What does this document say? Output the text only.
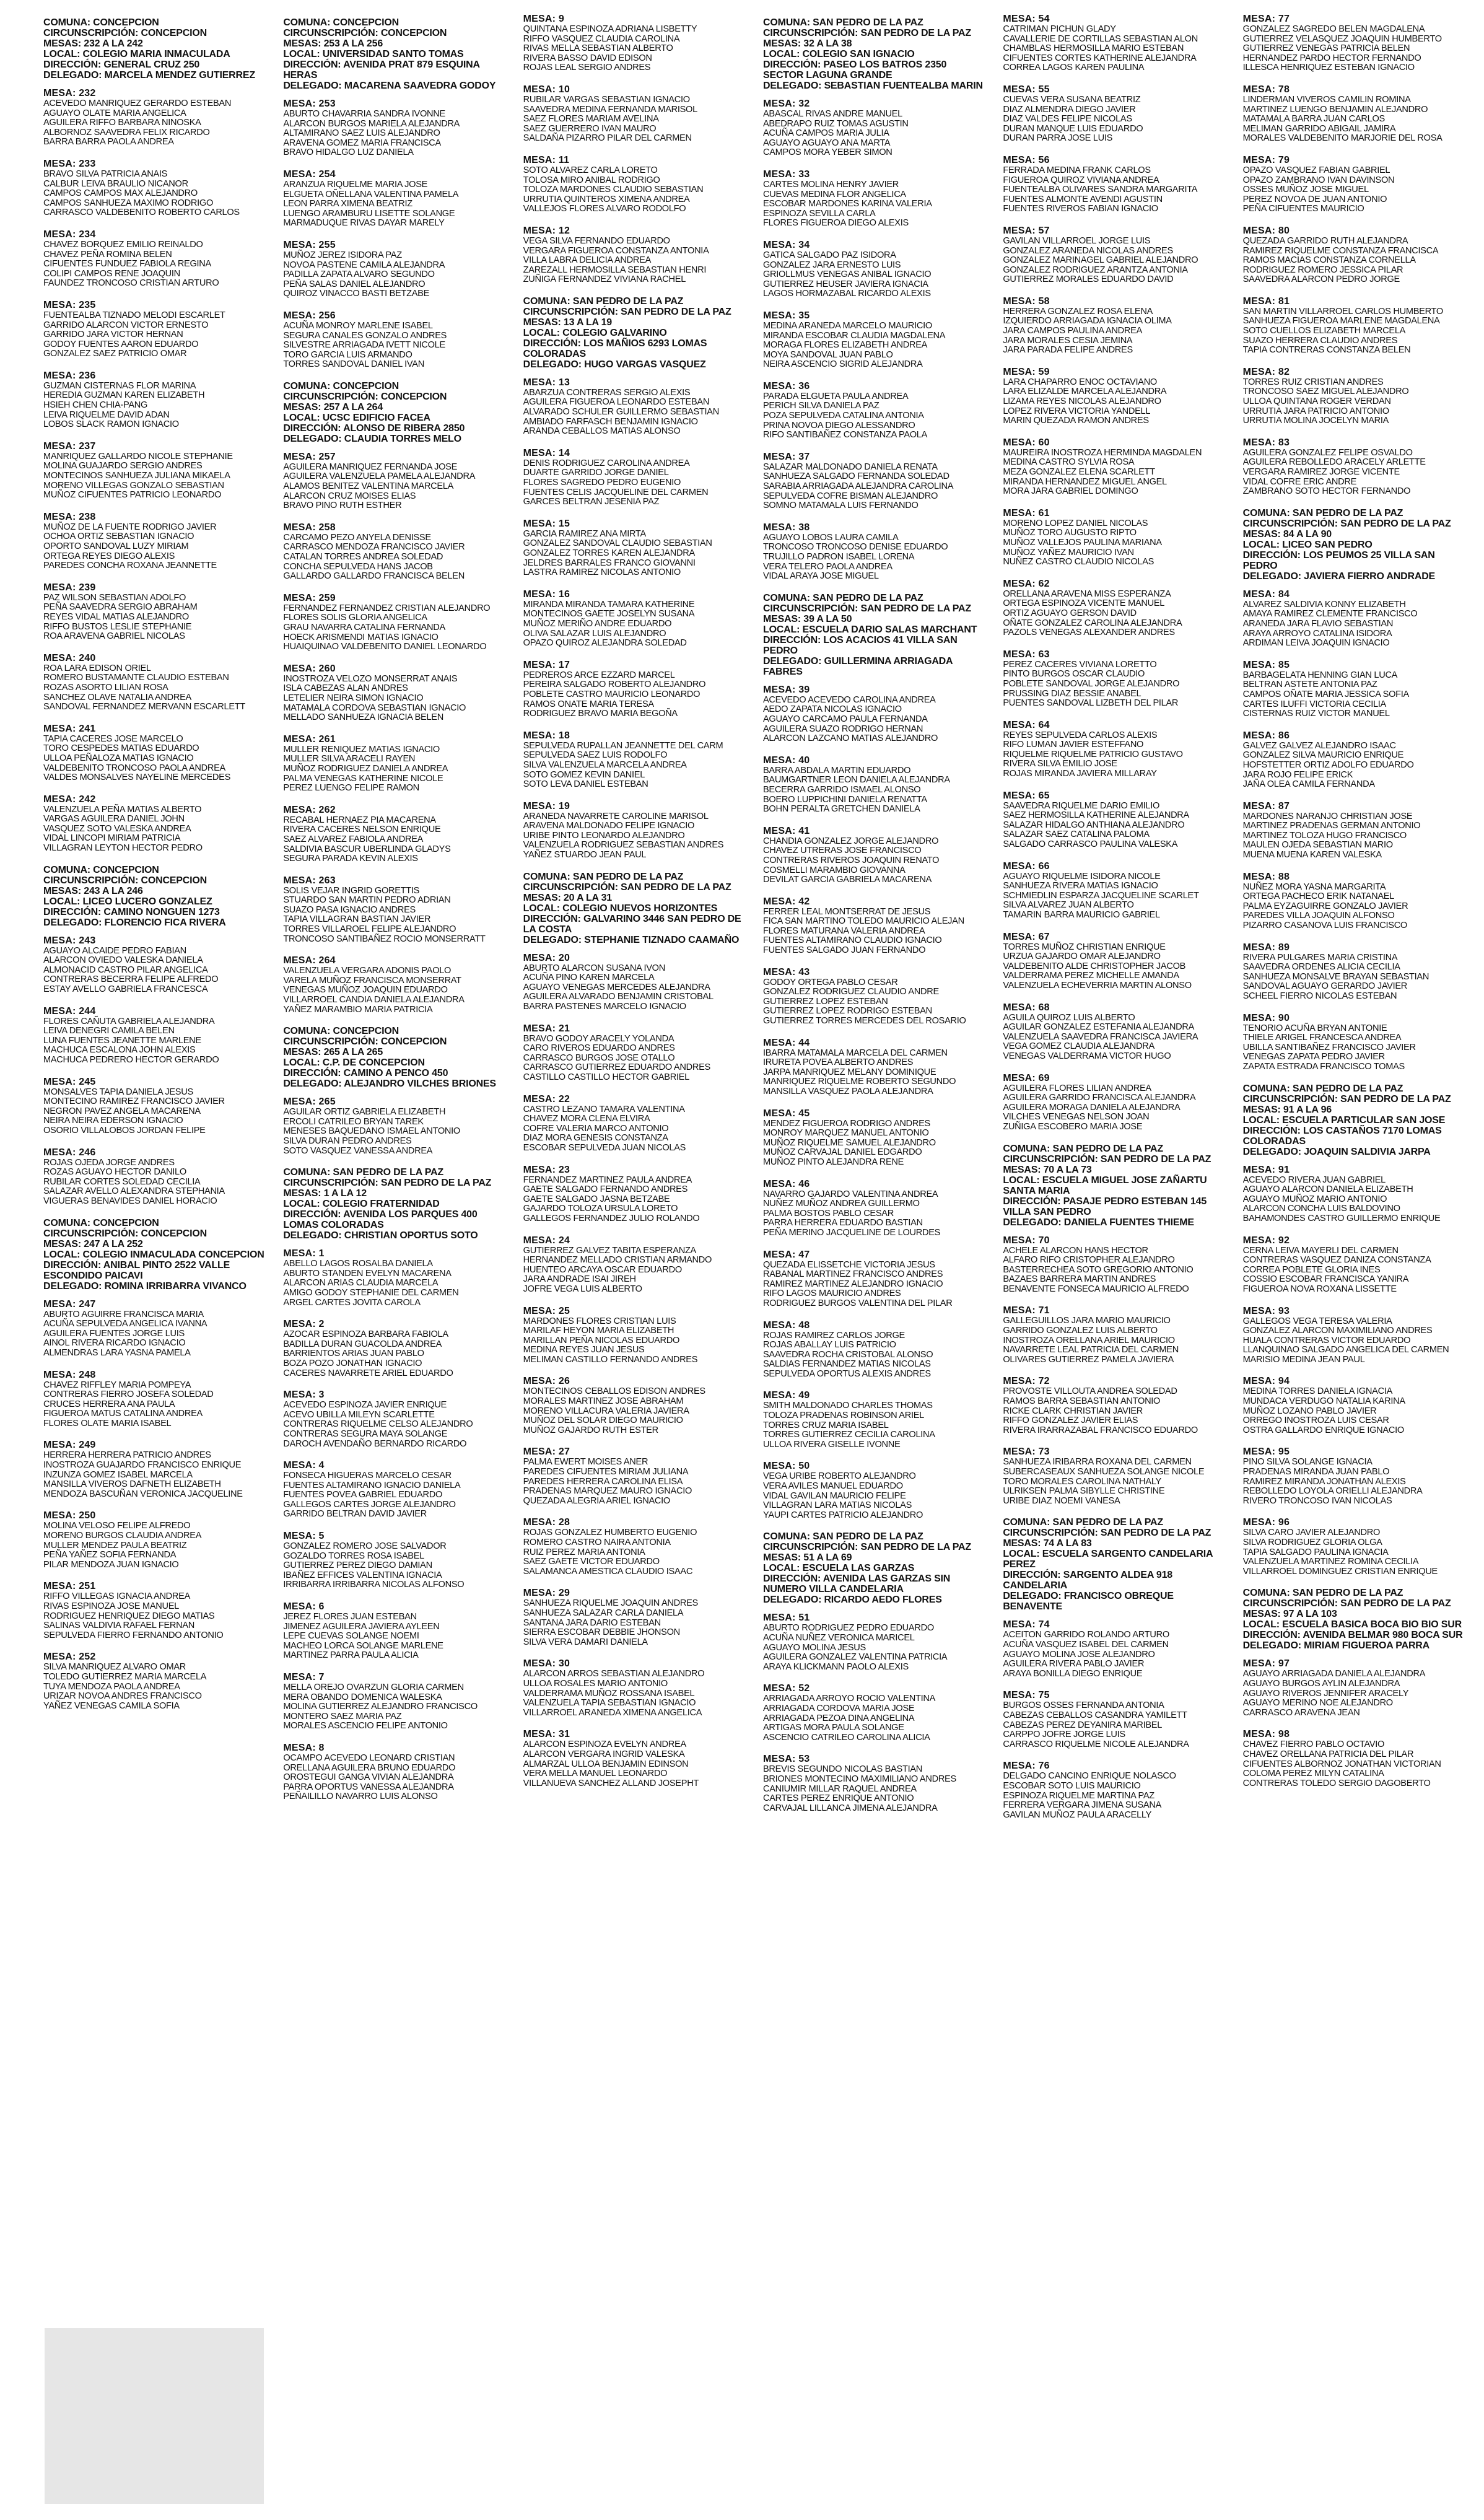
COMUNA: CONCEPCION
CIRCUNSCRIPCIÓN: CONCEPCION
MESAS: 232 A LA 242
LOCAL: COLEGIO MARIA INMACULADA
DIRECCIÓN: GENERAL CRUZ 250
DELEGADO: MARCELA MENDEZ GUTIERREZ
MESA: 232
ACEVEDO MANRIQUEZ GERARDO ESTEBAN
AGUAYO OLATE MARIA ANGELICA
AGUILERA RIFFO BARBARA NINOSKA
ALBORNOZ SAAVEDRA FELIX RICARDO
BARRA BARRA PAOLA ANDREA
MESA: 233
BRAVO SILVA PATRICIA ANAIS
CALBUR LEIVA BRAULIO NICANOR
CAMPOS CAMPOS MAX ALEJANDRO
CAMPOS SANHUEZA MAXIMO RODRIGO
CARRASCO VALDEBENITO ROBERTO CARLOS
MESA: 234
CHAVEZ BORQUEZ EMILIO REINALDO
CHAVEZ PEÑA ROMINA BELEN
CIFUENTES FUNDUEZ FABIOLA REGINA
COLIPI CAMPOS RENE JOAQUIN
FAUNDEZ TRONCOSO CRISTIAN ARTURO
MESA: 235
FUENTEALBA TIZNADO MELODI ESCARLET
GARRIDO ALARCON VICTOR ERNESTO
GARRIDO JARA VICTOR HERNAN
GODOY FUENTES AARON EDUARDO
GONZALEZ SAEZ PATRICIO OMAR
MESA: 236
GUZMAN CISTERNAS FLOR MARINA
HEREDIA GUZMAN KAREN ELIZABETH
HSIEH CHEN CHIA-PANG
LEIVA RIQUELME DAVID ADAN
LOBOS SLACK RAMON IGNACIO
MESA: 237
MANRIQUEZ GALLARDO NICOLE STEPHANIE
MOLINA GUAJARDO SERGIO ANDRES
MONTECINOS SANHUEZA JULIANA MIKAELA
MORENO VILLEGAS GONZALO SEBASTIAN
MUÑOZ CIFUENTES PATRICIO LEONARDO
MESA: 238
MUÑOZ DE LA FUENTE RODRIGO JAVIER
OCHOA ORTIZ SEBASTIAN IGNACIO
OPORTO SANDOVAL LUZY MIRIAM
ORTEGA REYES DIEGO ALEXIS
PAREDES CONCHA ROXANA JEANNETTE
MESA: 239
PAZ WILSON SEBASTIAN ADOLFO
PEÑA SAAVEDRA SERGIO ABRAHAM
REYES VIDAL MATIAS ALEJANDRO
RIFFO BUSTOS LESLIE STEPHANIE
ROA ARAVENA GABRIEL NICOLAS
MESA: 240
ROA LARA EDISON ORIEL
ROMERO BUSTAMANTE CLAUDIO ESTEBAN
ROZAS ASORTO LILIAN ROSA
SANCHEZ OLAVE NATALIA ANDREA
SANDOVAL FERNANDEZ MERVANN ESCARLETT
MESA: 241
TAPIA CACERES JOSE MARCELO
TORO CESPEDES MATIAS EDUARDO
ULLOA PEÑALOZA MATIAS IGNACIO
VALDEBENITO TRONCOSO PAOLA ANDREA
VALDES MONSALVES NAYELINE MERCEDES
MESA: 242
VALENZUELA PEÑA MATIAS ALBERTO
VARGAS AGUILERA DANIEL JOHN
VASQUEZ SOTO VALESKA ANDREA
VIDAL LINCOPI MIRIAM PATRICIA
VILLAGRAN LEYTON HECTOR PEDRO
COMUNA: CONCEPCION
CIRCUNSCRIPCIÓN: CONCEPCION
MESAS: 243 A LA 246
LOCAL: LICEO LUCERO GONZALEZ
DIRECCIÓN: CAMINO NONGUEN 1273
DELEGADO: FLORENCIO FICA RIVERA
MESA: 243
AGUAYO ALCAIDE PEDRO FABIAN
ALARCON OVIEDO VALESKA DANIELA
ALMONACID CASTRO PILAR ANGELICA
CONTRERAS BECERRA FELIPE ALFREDO
ESTAY AVELLO GABRIELA FRANCESCA
MESA: 244
FLORES CAÑUTA GABRIELA ALEJANDRA
LEIVA DENEGRI CAMILA BELEN
LUNA FUENTES JEANETTE MARLENE
MACHUCA ESCALONA JOHN ALEXIS
MACHUCA PEDRERO HECTOR GERARDO
MESA: 245
MONSALVES TAPIA DANIELA JESUS
MONTECINO RAMIREZ FRANCISCO JAVIER
NEGRON PAVEZ ANGELA MACARENA
NEIRA NEIRA EDERSON IGNACIO
OSORIO VILLALOBOS JORDAN FELIPE
MESA: 246
ROJAS OJEDA JORGE ANDRES
ROZAS AGUAYO HECTOR DANILO
RUBILAR CORTES SOLEDAD CECILIA
SALAZAR AVELLO ALEXANDRA STEPHANIA
VIGUERAS BENAVIDES DANIEL HORACIO
COMUNA: CONCEPCION
CIRCUNSCRIPCIÓN: CONCEPCION
MESAS: 247 A LA 252
LOCAL: COLEGIO INMACULADA CONCEPCION
DIRECCIÓN: ANIBAL PINTO 2522 VALLE ESCONDIDO PAICAVI
DELEGADO: ROMINA IRRIBARRA VIVANCO
MESA: 247
ABURTO AGUIRRE FRANCISCA MARIA
ACUÑA SEPULVEDA ANGELICA IVANNA
AGUILERA FUENTES JORGE LUIS
AINOL RIVERA RICARDO IGNACIO
ALMENDRAS LARA YASNA PAMELA
MESA: 248
CHAVEZ RIFFLEY MARIA POMPEYA
CONTRERAS FIERRO JOSEFA SOLEDAD
CRUCES HERRERA ANA PAULA
FIGUEROA MATUS CATALINA ANDREA
FLORES OLATE MARIA ISABEL
MESA: 249
HERRERA HERRERA PATRICIO ANDRES
INOSTROZA GUAJARDO FRANCISCO ENRIQUE
INZUNZA GOMEZ ISABEL MARCELA
MANSILLA VIVEROS DAFNETH ELIZABETH
MENDOZA BASCUÑAN VERONICA JACQUELINE
MESA: 250
MOLINA VELOSO FELIPE ALFREDO
MORENO BURGOS CLAUDIA ANDREA
MULLER MENDEZ PAULA BEATRIZ
PEÑA YAÑEZ SOFIA FERNANDA
PILAR MENDOZA JUAN IGNACIO
MESA: 251
RIFFO VILLEGAS IGNACIA ANDREA
RIVAS ESPINOZA JOSE MANUEL
RODRIGUEZ HENRIQUEZ DIEGO MATIAS
SALINAS VALDIVIA RAFAEL FERNAN
SEPULVEDA FIERRO FERNANDO ANTONIO
MESA: 252
SILVA MANRIQUEZ ALVARO OMAR
TOLEDO GUTIERREZ MARIA MARCELA
TUYA MENDOZA PAOLA ANDREA
URIZAR NOVOA ANDRES FRANCISCO
YAÑEZ VENEGAS CAMILA SOFIA
COMUNA: CONCEPCION
CIRCUNSCRIPCIÓN: CONCEPCION
MESAS: 253 A LA 256
LOCAL: UNIVERSIDAD SANTO TOMAS
DIRECCIÓN: AVENIDA PRAT 879 ESQUINA HERAS
DELEGADO: MACARENA SAAVEDRA GODOY
MESA: 253
ABURTO CHAVARRIA SANDRA IVONNE
ALARCON BURGOS MARIELA ALEJANDRA
ALTAMIRANO SAEZ LUIS ALEJANDRO
ARAVENA GOMEZ MARIA FRANCISCA
BRAVO HIDALGO LUZ DANIELA
MESA: 254
ARANZUA RIQUELME MARIA JOSE
ELGUETA OÑELLANA VALENTINA PAMELA
LEON PARRA XIMENA BEATRIZ
LUENGO ARAMBURU LISETTE SOLANGE
MARMADUQUE RIVAS DAYAR MARELY
MESA: 255
MUÑOZ JEREZ ISIDORA PAZ
NOVOA PASTENE CAMILA ALEJANDRA
PADILLA ZAPATA ALVARO SEGUNDO
PEÑA SALAS DANIEL ALEJANDRO
QUIROZ VINACCO BASTI BETZABE
MESA: 256
ACUÑA MONROY MARLENE ISABEL
SEGURA CANALES GONZALO ANDRES
SILVESTRE ARRIAGADA IVETT NICOLE
TORO GARCIA LUIS ARMANDO
TORRES SANDOVAL DANIEL IVAN
COMUNA: CONCEPCION
CIRCUNSCRIPCIÓN: CONCEPCION
MESAS: 257 A LA 264
LOCAL: UCSC EDIFICIO FACEA
DIRECCIÓN: ALONSO DE RIBERA 2850
DELEGADO: CLAUDIA TORRES MELO
MESA: 257
AGUILERA MANRIQUEZ FERNANDA JOSE
AGUILERA VALENZUELA PAMELA ALEJANDRA
ALAMOS BENITEZ VALENTINA MARCELA
ALARCON CRUZ MOISES ELIAS
BRAVO PINO RUTH ESTHER
MESA: 258
CARCAMO PEZO ANYELA DENISSE
CARRASCO MENDOZA FRANCISCO JAVIER
CATALAN TORRES ANDREA SOLEDAD
CONCHA SEPULVEDA HANS JACOB
GALLARDO GALLARDO FRANCISCA BELEN
MESA: 259
FERNANDEZ FERNANDEZ CRISTIAN ALEJANDRO
FLORES SOLIS GLORIA ANGELICA
GRAU NAVARRA CATALINA FERNANDA
HOECK ARISMENDI MATIAS IGNACIO
HUAIQUINAO VALDEBENITO DANIEL LEONARDO
MESA: 260
INOSTROZA VELOZO MONSERRAT ANAIS
ISLA CABEZAS ALAN ANDRES
LETELIER NEIRA SIMON IGNACIO
MATAMALA CORDOVA SEBASTIAN IGNACIO
MELLADO SANHUEZA IGNACIA BELEN
MESA: 261
MULLER RENIQUEZ MATIAS IGNACIO
MULLER SILVA ARACELI RAYEN
MUÑOZ RODRIGUEZ DANIELA ANDREA
PALMA VENEGAS KATHERINE NICOLE
PEREZ LUENGO FELIPE RAMON
MESA: 262
RECABAL HERNAEZ PIA MACARENA
RIVERA CACERES NELSON ENRIQUE
SAEZ ALVAREZ FABIOLA ANDREA
SALDIVIA BASCUR UBERLINDA GLADYS
SEGURA PARADA KEVIN ALEXIS
MESA: 263
SOLIS VEJAR INGRID GORETTIS
STUARDO SAN MARTIN PEDRO ADRIAN
SUAZO PASA IGNACIO ANDRES
TAPIA VILLAGRAN BASTIAN JAVIER
TORRES VILLAROEL FELIPE ALEJANDRO
TRONCOSO SANTIBAÑEZ ROCIO MONSERRATT
MESA: 264
VALENZUELA VERGARA ADONIS PAOLO
VARELA MUÑOZ FRANCISCA MONSERRAT
VENEGAS MUÑOZ JOAQUIN EDUARDO
VILLARROEL CANDIA DANIELA ALEJANDRA
YAÑEZ MARAMBIO MARIA PATRICIA
COMUNA: CONCEPCION
CIRCUNSCRIPCIÓN: CONCEPCION
MESAS: 265 A LA 265
LOCAL: C.P. DE CONCEPCION
DIRECCIÓN: CAMINO A PENCO 450
DELEGADO: ALEJANDRO VILCHES BRIONES
MESA: 265
AGUILAR ORTIZ GABRIELA ELIZABETH
ERCOLI CATRILEO BRYAN TAREK
MENESES BAQUEDANO ISMAEL ANTONIO
SILVA DURAN PEDRO ANDRES
SOTO VASQUEZ VANESSA ANDREA
COMUNA: SAN PEDRO DE LA PAZ
CIRCUNSCRIPCIÓN: SAN PEDRO DE LA PAZ
MESAS: 1 A LA 12
LOCAL: COLEGIO FRATERNIDAD
DIRECCIÓN: AVENIDA LOS PARQUES 400 LOMAS COLORADAS
DELEGADO: CHRISTIAN OPORTUS SOTO
MESA: 1
ABELLO LAGOS ROSALBA DANIELA
ABURTO STANDEN EVELYN MACARENA
ALARCON ARIAS CLAUDIA MARCELA
AMIGO GODOY STEPHANIE DEL CARMEN
ARGEL CARTES JOVITA CAROLA
MESA: 2
AZOCAR ESPINOZA BARBARA FABIOLA
BADILLA DURAN GUACOLDA ANDREA
BARRIENTOS ARIAS JUAN PABLO
BOZA POZO JONATHAN IGNACIO
CACERES NAVARRETE ARIEL EDUARDO
MESA: 3
ACEVEDO ESPINOZA JAVIER ENRIQUE
ACEVO UBILLA MILEYN SCARLETTE
CONTRERAS RIQUELME CELSO ALEJANDRO
CONTRERAS SEGURA MAYA SOLANGE
DAROCH AVENDAÑO BERNARDO RICARDO
MESA: 4
FONSECA HIGUERAS MARCELO CESAR
FUENTES ALTAMIRANO IGNACIO DANIELA
FUENTES POVEA GABRIEL EDUARDO
GALLEGOS CARTES JORGE ALEJANDRO
GARRIDO BELTRAN DAVID JAVIER
MESA: 5
GONZALEZ ROMERO JOSE SALVADOR
GOZALDO TORRES ROSA ISABEL
GUTIERREZ PEREZ DIEGO DAMIAN
IBAÑEZ EFFICES VALENTINA IGNACIA
IRRIBARRA IRRIBARRA NICOLAS ALFONSO
MESA: 6
JEREZ FLORES JUAN ESTEBAN
JIMENEZ AGUILERA JAVIERA AYLEEN
LEPE CUEVAS SOLANGE NOEMI
MACHEO LORCA SOLANGE MARLENE
MARTINEZ PARRA PAULA ALICIA
MESA: 7
MELLA OREJO OVARZUN GLORIA CARMEN
MERA OBANDO DOMENICA WALESKA
MOLINA GUTIERREZ ALEJANDRO FRANCISCO
MONTERO SAEZ MARIA PAZ
MORALES ASCENCIO FELIPE ANTONIO
MESA: 8
OCAMPO ACEVEDO LEONARD CRISTIAN
ORELLANA AGUILERA BRUNO EDUARDO
OROSTEGUI GANGA VIVIAN ALEJANDRA
PARRA OPORTUS VANESSA ALEJANDRA
PEÑAILILLO NAVARRO LUIS ALONSO
MESA: 9
QUINTANA ESPINOZA ADRIANA LISBETTY
RIFFO VASQUEZ CLAUDIA CAROLINA
RIVAS MELLA SEBASTIAN ALBERTO
RIVERA BASSO DAVID EDISON
ROJAS LEAL SERGIO ANDRES
MESA: 10
RUBILAR VARGAS SEBASTIAN IGNACIO
SAAVEDRA MEDINA FERNANDA MARISOL
SAEZ FLORES MARIAM AVELINA
SAEZ GUERRERO IVAN MAURO
SALDAÑA PIZARRO PILAR DEL CARMEN
MESA: 11
SOTO ALVAREZ CARLA LORETO
TOLOSA MIRO ANIBAL RODRIGO
TOLOZA MARDONES CLAUDIO SEBASTIAN
URRUTIA QUINTEROS XIMENA ANDREA
VALLEJOS FLORES ALVARO RODOLFO
MESA: 12
VEGA SILVA FERNANDO EDUARDO
VERGARA FIGUEROA CONSTANZA ANTONIA
VILLA LABRA DELICIA ANDREA
ZAREZALL HERMOSILLA SEBASTIAN HENRI
ZUÑIGA FERNANDEZ VIVIANA RACHEL
COMUNA: SAN PEDRO DE LA PAZ
CIRCUNSCRIPCIÓN: SAN PEDRO DE LA PAZ
MESAS: 13 A LA 19
LOCAL: COLEGIO GALVARINO
DIRECCIÓN: LOS MAÑIOS 6293 LOMAS COLORADAS
DELEGADO: HUGO VARGAS VASQUEZ
MESA: 13
ABARZUA CONTRERAS SERGIO ALEXIS
AGUILERA FIGUEROA LEONARDO ESTEBAN
ALVARADO SCHULER GUILLERMO SEBASTIAN
AMBIADO FARFASCH BENJAMIN IGNACIO
ARANDA CEBALLOS MATIAS ALONSO
MESA: 14
DENIS RODRIGUEZ CAROLINA ANDREA
DUARTE GARRIDO JORGE DANIEL
FLORES SAGREDO PEDRO EUGENIO
FUENTES CELIS JACQUELINE DEL CARMEN
GARCES BELTRAN JESENIA PAZ
MESA: 15
GARCIA RAMIREZ ANA MIRTA
GONZALEZ SANDOVAL CLAUDIO SEBASTIAN
GONZALEZ TORRES KAREN ALEJANDRA
JELDRES BARRALES FRANCO GIOVANNI
LASTRA RAMIREZ NICOLAS ANTONIO
MESA: 16
MIRANDA MIRANDA TAMARA KATHERINE
MONTECINOS GAETE JOSELYN SUSANA
MUÑOZ MERIÑO ANDRE EDUARDO
OLIVA SALAZAR LUIS ALEJANDRO
OPAZO QUIROZ ALEJANDRA SOLEDAD
MESA: 17
PEDREROS ARCE EZZARD MARCEL
PEREIRA SALGADO ROBERTO ALEJANDRO
POBLETE CASTRO MAURICIO LEONARDO
RAMOS ONATE MARIA TERESA
RODRIGUEZ BRAVO MARIA BEGOÑA
MESA: 18
SEPULVEDA RUPALLAN JEANNETTE DEL CARM
SEPULVEDA SAEZ LUIS RODOLFO
SILVA VALENZUELA MARCELA ANDREA
SOTO GOMEZ KEVIN DANIEL
SOTO LEVA DANIEL ESTEBAN
MESA: 19
ARANEDA NAVARRETE CAROLINE MARISOL
ARAVENA MALDONADO FELIPE IGNACIO
URIBE PINTO LEONARDO ALEJANDRO
VALENZUELA RODRIGUEZ SEBASTIAN ANDRES
YAÑEZ STUARDO JEAN PAUL
COMUNA: SAN PEDRO DE LA PAZ
CIRCUNSCRIPCIÓN: SAN PEDRO DE LA PAZ
MESAS: 20 A LA 31
LOCAL: COLEGIO NUEVOS HORIZONTES
DIRECCIÓN: GALVARINO 3446 SAN PEDRO DE LA COSTA
DELEGADO: STEPHANIE TIZNADO CAAMAÑO
MESA: 20
ABURTO ALARCON SUSANA IVON
ACUÑA PINO KAREN MARCELA
AGUAYO VENEGAS MERCEDES ALEJANDRA
AGUILERA ALVARADO BENJAMIN CRISTOBAL
BARRA PASTENES MARCELO IGNACIO
MESA: 21
BRAVO GODOY ARACELY YOLANDA
CARO RIVEROS EDUARDO ANDRES
CARRASCO BURGOS JOSE OTALLO
CARRASCO GUTIERREZ EDUARDO ANDRES
CASTILLO CASTILLO HECTOR GABRIEL
MESA: 22
CASTRO LEZANO TAMARA VALENTINA
CHAVEZ MORA CLENA ELVIRA
COFRE VALERIA MARCO ANTONIO
DIAZ MORA GENESIS CONSTANZA
ESCOBAR SEPULVEDA JUAN NICOLAS
MESA: 23
FERNANDEZ MARTINEZ PAULA ANDREA
GAETE SALGADO FERNANDO ANDRES
GAETE SALGADO JASNA BETZABE
GAJARDO TOLOZA URSULA LORETO
GALLEGOS FERNANDEZ JULIO ROLANDO
MESA: 24
GUTIERREZ GALVEZ TABITA ESPERANZA
HERNANDEZ MELLADO CRISTIAN ARMANDO
HUENTEO ARCAYA OSCAR EDUARDO
JARA ANDRADE ISAI JIREH
JOFRE VEGA LUIS ALBERTO
MESA: 25
MARDONES FLORES CRISTIAN LUIS
MARILAF HEYON MARIA ELIZABETH
MARILLAN PEÑA NICOLAS EDUARDO
MEDINA REYES JUAN JESUS
MELIMAN CASTILLO FERNANDO ANDRES
MESA: 26
MONTECINOS CEBALLOS EDISON ANDRES
MORALES MARTINEZ JOSE ABRAHAM
MORENO VILLACURA VALERIA JAVIERA
MUÑOZ DEL SOLAR DIEGO MAURICIO
MUÑOZ GAJARDO RUTH ESTER
MESA: 27
PALMA EWERT MOISES ANER
PAREDES CIFUENTES MIRIAM JULIANA
PAREDES HERRERA CAROLINA ELISA
PRADENAS MARQUEZ MAURO IGNACIO
QUEZADA ALEGRIA ARIEL IGNACIO
MESA: 28
ROJAS GONZALEZ HUMBERTO EUGENIO
ROMERO CASTRO NAIRA ANTONIA
RUIZ PEREZ MARIA ANTONIA
SAEZ GAETE VICTOR EDUARDO
SALAMANCA AMESTICA CLAUDIO ISAAC
MESA: 29
SANHUEZA RIQUELME JOAQUIN ANDRES
SANHUEZA SALAZAR CARLA DANIELA
SANTANA JARA DARIO ESTEBAN
SIERRA ESCOBAR DEBBIE JHONSON
SILVA VERA DAMARI DANIELA
MESA: 30
ALARCON ARROS SEBASTIAN ALEJANDRO
ULLOA ROSALES MARIO ANTONIO
VALDERRAMA MUÑOZ ROSSANA ISABEL
VALENZUELA TAPIA SEBASTIAN IGNACIO
VILLARROEL ARANEDA XIMENA ANGELICA
MESA: 31
ALARCON ESPINOZA EVELYN ANDREA
ALARCON VERGARA INGRID VALESKA
ALMARZAL ULLOA BENJAMIN EDINSON
VERA MELLA MANUEL LEONARDO
VILLANUEVA SANCHEZ ALLAND JOSEPHT
COMUNA: SAN PEDRO DE LA PAZ
CIRCUNSCRIPCIÓN: SAN PEDRO DE LA PAZ
MESAS: 32 A LA 38
LOCAL: COLEGIO SAN IGNACIO
DIRECCIÓN: PASEO LOS BATROS 2350 SECTOR LAGUNA GRANDE
DELEGADO: SEBASTIAN FUENTEALBA MARIN
MESA: 32
ABASCAL RIVAS ANDRE MANUEL
ABEDRAPO RUIZ TOMAS AGUSTIN
ACUÑA CAMPOS MARIA JULIA
AGUAYO AGUAYO ANA MARTA
CAMPOS MORA YEBER SIMON
MESA: 33
CARTES MOLINA HENRY JAVIER
CUEVAS MEDINA FLOR ANGELICA
ESCOBAR MARDONES KARINA VALERIA
ESPINOZA SEVILLA CARLA
FLORES FIGUEROA DIEGO ALEXIS
MESA: 34
GATICA SALGADO PAZ ISIDORA
GONZALEZ JARA ERNESTO LUIS
GRIOLLMUS VENEGAS ANIBAL IGNACIO
GUTIERREZ HEUSER JAVIERA IGNACIA
LAGOS HORMAZABAL RICARDO ALEXIS
MESA: 35
MEDINA ARANEDA MARCELO MAURICIO
MIRANDA ESCOBAR CLAUDIA MAGDALENA
MORAGA FLORES ELIZABETH ANDREA
MOYA SANDOVAL JUAN PABLO
NEIRA ASCENCIO SIGRID ALEJANDRA
MESA: 36
PARADA ELGUETA PAULA ANDREA
PERICH SILVA DANIELA PAZ
POZA SEPULVEDA CATALINA ANTONIA
PRINA NOVOA DIEGO ALESSANDRO
RIFO SANTIBAÑEZ CONSTANZA PAOLA
MESA: 37
SALAZAR MALDONADO DANIELA RENATA
SANHUEZA SALGADO FERNANDA SOLEDAD
SARABIA ARRIAGADA ALEJANDRA CAROLINA
SEPULVEDA COFRE BISMAN ALEJANDRO
SOMNO MATAMALA LUIS FERNANDO
MESA: 38
AGUAYO LOBOS LAURA CAMILA
TRONCOSO TRONCOSO DENISE EDUARDO
TRUJILLO PADRON ISABEL LORENA
VERA TELERO PAOLA ANDREA
VIDAL ARAYA JOSE MIGUEL
COMUNA: SAN PEDRO DE LA PAZ
CIRCUNSCRIPCIÓN: SAN PEDRO DE LA PAZ
MESAS: 39 A LA 50
LOCAL: ESCUELA DARIO SALAS MARCHANT
DIRECCIÓN: LOS ACACIOS 41 VILLA SAN PEDRO
DELEGADO: GUILLERMINA ARRIAGADA FABRES
MESA: 39
ACEVEDO ACEVEDO CAROLINA ANDREA
AEDO ZAPATA NICOLAS IGNACIO
AGUAYO CARCAMO PAULA FERNANDA
AGUILERA SUAZO RODRIGO HERNAN
ALARCON LAZCANO MATIAS ALEJANDRO
MESA: 40
BARRA ABDALA MARTIN EDUARDO
BAUMGARTNER LEON DANIELA ALEJANDRA
BECERRA GARRIDO ISMAEL ALONSO
BOERO LUPPICHINI DANIELA RENATTA
BOHN PERALTA GRETCHEN DANIELA
MESA: 41
CHANDIA GONZALEZ JORGE ALEJANDRO
CHAVEZ UTRERAS JOSE FRANCISCO
CONTRERAS RIVEROS JOAQUIN RENATO
COSMELLI MARAMBIO GIOVANNA
DEVILAT GARCIA GABRIELA MACARENA
MESA: 42
FERRER LEAL MONTSERRAT DE JESUS
FICA SAN MARTINO TOLEDO MAURICIO ALEJAN
FLORES MATURANA VALERIA ANDREA
FUENTES ALTAMIRANO CLAUDIO IGNACIO
FUENTES SALGADO JUAN FERNANDO
MESA: 43
GODOY ORTEGA PABLO CESAR
GONZALEZ RODRIGUEZ CLAUDIO ANDRE
GUTIERREZ LOPEZ ESTEBAN
GUTIERREZ LOPEZ RODRIGO ESTEBAN
GUTIERREZ TORRES MERCEDES DEL ROSARIO
MESA: 44
IBARRA MATAMALA MARCELA DEL CARMEN
IRURETA POVEA ALBERTO ANDRES
JARPA MANRIQUEZ MELANY DOMINIQUE
MANRIQUEZ RIQUELME ROBERTO SEGUNDO
MANSILLA VASQUEZ PAOLA ALEJANDRA
MESA: 45
MENDEZ FIGUEROA RODRIGO ANDRES
MONROY MARQUEZ MANUEL ANTONIO
MUÑOZ RIQUELME SAMUEL ALEJANDRO
MUÑOZ CARVAJAL DANIEL EDGARDO
MUÑOZ PINTO ALEJANDRA RENE
MESA: 46
NAVARRO GAJARDO VALENTINA ANDREA
NUÑEZ MUÑOZ ANDREA GUILLERMO
PALMA BOSTOS PABLO CESAR
PARRA HERRERA EDUARDO BASTIAN
PEÑA MERINO JACQUELINE DE LOURDES
MESA: 47
QUEZADA ELISSETCHE VICTORIA JESUS
RABANAL MARTINEZ FRANCISCO ANDRES
RAMIREZ MARTINEZ ALEJANDRO IGNACIO
RIFO LAGOS MAURICIO ANDRES
RODRIGUEZ BURGOS VALENTINA DEL PILAR
MESA: 48
ROJAS RAMIREZ CARLOS JORGE
ROJAS ABALLAY LUIS PATRICIO
SAAVEDRA ROCHA CRISTOBAL ALONSO
SALDIAS FERNANDEZ MATIAS NICOLAS
SEPULVEDA OPORTUS ALEXIS ANDRES
MESA: 49
SMITH MALDONADO CHARLES THOMAS
TOLOZA PRADENAS ROBINSON ARIEL
TORRES CRUZ MARIA ISABEL
TORRES GUTIERREZ CECILIA CAROLINA
ULLOA RIVERA GISELLE IVONNE
MESA: 50
VEGA URIBE ROBERTO ALEJANDRO
VERA AVILES MANUEL EDUARDO
VIDAL GAVILAN MAURICIO FELIPE
VILLAGRAN LARA MATIAS NICOLAS
YAUPI CARTES PATRICIO ALEJANDRO
COMUNA: SAN PEDRO DE LA PAZ
CIRCUNSCRIPCIÓN: SAN PEDRO DE LA PAZ
MESAS: 51 A LA 69
LOCAL: ESCUELA LAS GARZAS
DIRECCIÓN: AVENIDA LAS GARZAS SIN NUMERO VILLA CANDELARIA
DELEGADO: RICARDO AEDO FLORES
MESA: 51
ABURTO RODRIGUEZ PEDRO EDUARDO
ACUÑA NUÑEZ VERONICA MARICEL
AGUAYO MOLINA JESUS
AGUILERA GONZALEZ VALENTINA PATRICIA
ARAYA KLICKMANN PAOLO ALEXIS
MESA: 52
ARRIAGADA ARROYO ROCIO VALENTINA
ARRIAGADA CORDOVA MARIA JOSE
ARRIAGADA PEZOA DINA ANGELINA
ARTIGAS MORA PAULA SOLANGE
ASCENCIO CATRILEO CAROLINA ALICIA
MESA: 53
BREVIS SEGUNDO NICOLAS BASTIAN
BRIONES MONTECINO MAXIMILIANO ANDRES
CANIUMIR MILLAR RAQUEL ANDREA
CARTES PEREZ ENRIQUE ANTONIO
CARVAJAL LILLANCA JIMENA ALEJANDRA
MESA: 54
CATRIMAN PICHUN GLADY
CAVALLERIE DE CORTILLAS SEBASTIAN ALON
CHAMBLAS HERMOSILLA MARIO ESTEBAN
CIFUENTES CORTES KATHERINE ALEJANDRA
CORREA LAGOS KAREN PAULINA
MESA: 55
CUEVAS VERA SUSANA BEATRIZ
DIAZ ALMENDRA DIEGO JAVIER
DIAZ VALDES FELIPE NICOLAS
DURAN MANQUE LUIS EDUARDO
DURAN PARRA JOSE LUIS
MESA: 56
FERRADA MEDINA FRANK CARLOS
FIGUEROA QUIROZ VIVIANA ANDREA
FUENTEALBA OLIVARES SANDRA MARGARITA
FUENTES ALMONTE AVENDI AGUSTIN
FUENTES RIVEROS FABIAN IGNACIO
MESA: 57
GAVILAN VILLARROEL JORGE LUIS
GONZALEZ ARANEDA NICOLAS ANDRES
GONZALEZ MARINAGEL GABRIEL ALEJANDRO
GONZALEZ RODRIGUEZ ARANTZA ANTONIA
GUTIERREZ MORALES EDUARDO DAVID
MESA: 58
HERRERA GONZALEZ ROSA ELENA
IZQUIERDO ARRIAGADA IGNACIA OLIMA
JARA CAMPOS PAULINA ANDREA
JARA MORALES CESIA JEMINA
JARA PARADA FELIPE ANDRES
MESA: 59
LARA CHAPARRO ENOC OCTAVIANO
LARA ELIZALDE MARCELA ALEJANDRA
LIZAMA REYES NICOLAS ALEJANDRO
LOPEZ RIVERA VICTORIA YANDELL
MARIN QUEZADA RAMON ANDRES
MESA: 60
MAUREIRA INOSTROZA HERMINDA MAGDALEN
MEDINA CASTRO SYLVIA ROSA
MEZA GONZALEZ ELENA SCARLETT
MIRANDA HERNANDEZ MIGUEL ANGEL
MORA JARA GABRIEL DOMINGO
MESA: 61
MORENO LOPEZ DANIEL NICOLAS
MUÑOZ TORO AUGUSTO RIPTO
MUÑOZ VALLEJOS PAULINA MARIANA
MUÑOZ YAÑEZ MAURICIO IVAN
NUÑEZ CASTRO CLAUDIO NICOLAS
MESA: 62
ORELLANA ARAVENA MISS ESPERANZA
ORTEGA ESPINOZA VICENTE MANUEL
ORTIZ AGUAYO GERSON DAVID
OÑATE GONZALEZ CAROLINA ALEJANDRA
PAZOLS VENEGAS ALEXANDER ANDRES
MESA: 63
PEREZ CACERES VIVIANA LORETTO
PINTO BURGOS OSCAR CLAUDIO
POBLETE SANDOVAL JORGE ALEJANDRO
PRUSSING DIAZ BESSIE ANABEL
PUENTES SANDOVAL LIZBETH DEL PILAR
MESA: 64
REYES SEPULVEDA CARLOS ALEXIS
RIFO LUMAN JAVIER ESTEFFANO
RIQUELME RIQUELME PATRICIO GUSTAVO
RIVERA SILVA EMILIO JOSE
ROJAS MIRANDA JAVIERA MILLARAY
MESA: 65
SAAVEDRA RIQUELME DARIO EMILIO
SAEZ HERMOSILLA KATHERINE ALEJANDRA
SALAZAR HIDALGO ANTHIANA ALEJANDRO
SALAZAR SAEZ CATALINA PALOMA
SALGADO CARRASCO PAULINA VALESKA
MESA: 66
AGUAYO RIQUELME ISIDORA NICOLE
SANHUEZA RIVERA MATIAS IGNACIO
SCHMIEDLIN ESPARZA JACQUELINE SCARLET
SILVA ALVAREZ JUAN ALBERTO
TAMARIN BARRA MAURICIO GABRIEL
MESA: 67
TORRES MUÑOZ CHRISTIAN ENRIQUE
URZUA GAJARDO OMAR ALEJANDRO
VALDEBENITO ALDE CHRISTOPHER JACOB
VALDERRAMA PEREZ MICHELLE AMANDA
VALENZUELA ECHEVERRIA MARTIN ALONSO
MESA: 68
AGUILA QUIROZ LUIS ALBERTO
AGUILAR GONZALEZ ESTEFANIA ALEJANDRA
VALENZUELA SAAVEDRA FRANCISCA JAVIERA
VEGA GOMEZ CLAUDIA ALEJANDRA
VENEGAS VALDERRAMA VICTOR HUGO
MESA: 69
AGUILERA FLORES LILIAN ANDREA
AGUILERA GARRIDO FRANCISCA ALEJANDRA
AGUILERA MORAGA DANIELA ALEJANDRA
VILCHES VENEGAS NELSON JOAN
ZUÑIGA ESCOBERO MARIA JOSE
COMUNA: SAN PEDRO DE LA PAZ
CIRCUNSCRIPCIÓN: SAN PEDRO DE LA PAZ
MESAS: 70 A LA 73
LOCAL: ESCUELA MIGUEL JOSE ZAÑARTU SANTA MARIA
DIRECCIÓN: PASAJE PEDRO ESTEBAN 145 VILLA SAN PEDRO
DELEGADO: DANIELA FUENTES THIEME
MESA: 70
ACHELE ALARCON HANS HECTOR
ALFARO RIFO CRISTOPHER ALEJANDRO
BASTERRECHEA SOTO GREGORIO ANTONIO
BAZAES BARRERA MARTIN ANDRES
BENAVENTE FONSECA MAURICIO ALFREDO
MESA: 71
GALLEGUILLOS JARA MARIO MAURICIO
GARRIDO GONZALEZ LUIS ALBERTO
INOSTROZA ORELLANA ARIEL MAURICIO
NAVARRETE LEAL PATRICIA DEL CARMEN
OLIVARES GUTIERREZ PAMELA JAVIERA
MESA: 72
PROVOSTE VILLOUTA ANDREA SOLEDAD
RAMOS BARRA SEBASTIAN ANTONIO
RICKE CLARK CHRISTIAN JAVIER
RIFFO GONZALEZ JAVIER ELIAS
RIVERA IRARRAZABAL FRANCISCO EDUARDO
MESA: 73
SANHUEZA IRIBARRA ROXANA DEL CARMEN
SUBERCASEAUX SANHUEZA SOLANGE NICOLE
TORO MORALES CAROLINA NATHALY
ULRIKSEN PALMA SIBYLLE CHRISTINE
URIBE DIAZ NOEMI VANESA
COMUNA: SAN PEDRO DE LA PAZ
CIRCUNSCRIPCIÓN: SAN PEDRO DE LA PAZ
MESAS: 74 A LA 83
LOCAL: ESCUELA SARGENTO CANDELARIA PEREZ
DIRECCIÓN: SARGENTO ALDEA 918 CANDELARIA
DELEGADO: FRANCISCO OBREQUE BENAVENTE
MESA: 74
ACEITON GARRIDO ROLANDO ARTURO
ACUÑA VASQUEZ ISABEL DEL CARMEN
AGUAYO MOLINA JOSE ALEJANDRO
AGUILERA RIVERA PABLO JAVIER
ARAYA BONILLA DIEGO ENRIQUE
MESA: 75
BURGOS OSSES FERNANDA ANTONIA
CABEZAS CEBALLOS CASANDRA YAMILETT
CABEZAS PEREZ DEYANIRA MARIBEL
CARPPO JOFRE JORGE LUIS
CARRASCO RIQUELME NICOLE ALEJANDRA
MESA: 76
DELGADO CANCINO ENRIQUE NOLASCO
ESCOBAR SOTO LUIS MAURICIO
ESPINOZA RIQUELME MARTINA PAZ
FERRERA VERGARA JIMENA SUSANA
GAVILAN MUÑOZ PAULA ARACELLY
MESA: 77
GONZALEZ SAGREDO BELEN MAGDALENA
GUTIERREZ VELASQUEZ JOAQUIN HUMBERTO
GUTIERREZ VENEGAS PATRICIA BELEN
HERNANDEZ PARDO HECTOR FERNANDO
ILLESCA HENRIQUEZ ESTEBAN IGNACIO
MESA: 78
LINDERMAN VIVEROS CAMILIN ROMINA
MARTINEZ LUENGO BENJAMIN ALEJANDRO
MATAMALA BARRA JUAN CARLOS
MELIMAN GARRIDO ABIGAIL JAMIRA
MORALES VALDEBENITO MARJORIE DEL ROSA
MESA: 79
OPAZO VASQUEZ FABIAN GABRIEL
OPAZO ZAMBRANO IVAN DAVINSON
OSSES MUÑOZ JOSE MIGUEL
PEREZ NOVOA DE JUAN ANTONIO
PEÑA CIFUENTES MAURICIO
MESA: 80
QUEZADA GARRIDO RUTH ALEJANDRA
RAMIREZ RIQUELME CONSTANZA FRANCISCA
RAMOS MACIAS CONSTANZA CORNELLA
RODRIGUEZ ROMERO JESSICA PILAR
SAAVEDRA ALARCON PEDRO JORGE
MESA: 81
SAN MARTIN VILLARROEL CARLOS HUMBERTO
SANHUEZA FIGUEROA MARLENE MAGDALENA
SOTO CUELLOS ELIZABETH MARCELA
SUAZO HERRERA CLAUDIO ANDRES
TAPIA CONTRERAS CONSTANZA BELEN
MESA: 82
TORRES RUIZ CRISTIAN ANDRES
TRONCOSO SAEZ MIGUEL ALEJANDRO
ULLOA QUINTANA ROGER VERDAN
URRUTIA JARA PATRICIO ANTONIO
URRUTIA MOLINA JOCELYN MARIA
MESA: 83
AGUILERA GONZALEZ FELIPE OSVALDO
AGUILERA REBOLLEDO ARACELY ARLETTE
VERGARA RAMIREZ JORGE VICENTE
VIDAL COFRE ERIC ANDRE
ZAMBRANO SOTO HECTOR FERNANDO
COMUNA: SAN PEDRO DE LA PAZ
CIRCUNSCRIPCIÓN: SAN PEDRO DE LA PAZ
MESAS: 84 A LA 90
LOCAL: LICEO SAN PEDRO
DIRECCIÓN: LOS PEUMOS 25 VILLA SAN PEDRO
DELEGADO: JAVIERA FIERRO ANDRADE
MESA: 84
ALVAREZ SALDIVIA KONNY ELIZABETH
AMAYA RAMIREZ CLEMENTE FRANCISCO
ARANEDA JARA FLAVIO SEBASTIAN
ARAYA ARROYO CATALINA ISIDORA
ARDIMAN LEIVA JOAQUIN IGNACIO
MESA: 85
BARBAGELATA HENNING GIAN LUCA
BELTRAN ASTETE ANTONIA PAZ
CAMPOS OÑATE MARIA JESSICA SOFIA
CARTES ILUFFI VICTORIA CECILIA
CISTERNAS RUIZ VICTOR MANUEL
MESA: 86
GALVEZ GALVEZ ALEJANDRO ISAAC
GONZALEZ SILVA MAURICIO ENRIQUE
HOFSTETTER ORTIZ ADOLFO EDUARDO
JARA ROJO FELIPE ERICK
JAÑA OLEA CAMILA FERNANDA
MESA: 87
MARDONES NARANJO CHRISTIAN JOSE
MARTINEZ PRADENAS GERMAN ANTONIO
MARTINEZ TOLOZA HUGO FRANCISCO
MAULEN OJEDA SEBASTIAN MARIO
MUENA MUENA KAREN VALESKA
MESA: 88
NUÑEZ MORA YASNA MARGARITA
ORTEGA PACHECO ERIK NATANAEL
PALMA EYZAGUIRRE GONZALO JAVIER
PAREDES VILLA JOAQUIN ALFONSO
PIZARRO CASANOVA LUIS FRANCISCO
MESA: 89
RIVERA PULGARES MARIA CRISTINA
SAAVEDRA ORDENES ALICIA CECILIA
SANHUEZA MONSALVE BRAYAN SEBASTIAN
SANDOVAL AGUAYO GERARDO JAVIER
SCHEEL FIERRO NICOLAS ESTEBAN
MESA: 90
TENORIO ACUÑA BRYAN ANTONIE
THIELE ARIGEL FRANCESCA ANDREA
UBILLA SANTIBAÑEZ FRANCISCO JAVIER
VENEGAS ZAPATA PEDRO JAVIER
ZAPATA ESTRADA FRANCISCO TOMAS
COMUNA: SAN PEDRO DE LA PAZ
CIRCUNSCRIPCIÓN: SAN PEDRO DE LA PAZ
MESAS: 91 A LA 96
LOCAL: ESCUELA PARTICULAR SAN JOSE
DIRECCIÓN: LOS CASTAÑOS 7170 LOMAS COLORADAS
DELEGADO: JOAQUIN SALDIVIA JARPA
MESA: 91
ACEVEDO RIVERA JUAN GABRIEL
AGUAYO ALARCON DANIELA ELIZABETH
AGUAYO MUÑOZ MARIO ANTONIO
ALARCON CONCHA LUIS BALDOVINO
BAHAMONDES CASTRO GUILLERMO ENRIQUE
MESA: 92
CERNA LEIVA MAYERLI DEL CARMEN
CONTRERAS VASQUEZ DANIZA CONSTANZA
CORREA POBLETE GLORIA INES
COSSIO ESCOBAR FRANCISCA YANIRA
FIGUEROA NOVA ROXANA LISSETTE
MESA: 93
GALLEGOS VEGA TERESA VALERIA
GONZALEZ ALARCON MAXIMILIANO ANDRES
HUALA CONTRERAS VICTOR EDUARDO
LLANQUINAO SALGADO ANGELICA DEL CARMEN
MARISIO MEDINA JEAN PAUL
MESA: 94
MEDINA TORRES DANIELA IGNACIA
MUNDACA VERDUGO NATALIA KARINA
MUÑOZ LOZANO PABLO JAVIER
ORREGO INOSTROZA LUIS CESAR
OSTRA GALLARDO ENRIQUE IGNACIO
MESA: 95
PINO SILVA SOLANGE IGNACIA
PRADENAS MIRANDA JUAN PABLO
RAMIREZ MIRANDA JONATHAN ALEXIS
REBOLLEDO LOYOLA ORIELLI ALEJANDRA
RIVERO TRONCOSO IVAN NICOLAS
MESA: 96
SILVA CARO JAVIER ALEJANDRO
SILVA RODRIGUEZ GLORIA OLGA
TAPIA SALGADO PAULINA IGNACIA
VALENZUELA MARTINEZ ROMINA CECILIA
VILLARROEL DOMINGUEZ CRISTIAN ENRIQUE
COMUNA: SAN PEDRO DE LA PAZ
CIRCUNSCRIPCIÓN: SAN PEDRO DE LA PAZ
MESAS: 97 A LA 103
LOCAL: ESCUELA BASICA BOCA BIO BIO SUR
DIRECCIÓN: AVENIDA BELMAR 980 BOCA SUR
DELEGADO: MIRIAM FIGUEROA PARRA
MESA: 97
AGUAYO ARRIAGADA DANIELA ALEJANDRA
AGUAYO BURGOS AYLIN ALEJANDRA
AGUAYO RIVEROS JENNIFER ARACELY
AGUAYO MERINO NOE ALEJANDRO
CARRASCO ARAVENA JEAN
MESA: 98
CHAVEZ FIERRO PABLO OCTAVIO
CHAVEZ ORELLANA PATRICIA DEL PILAR
CIFUENTES ALBORNOZ JONATHAN VICTORIAN
COLOMA PEREZ MILYN CATALINA
CONTRERAS TOLEDO SERGIO DAGOBERTO
